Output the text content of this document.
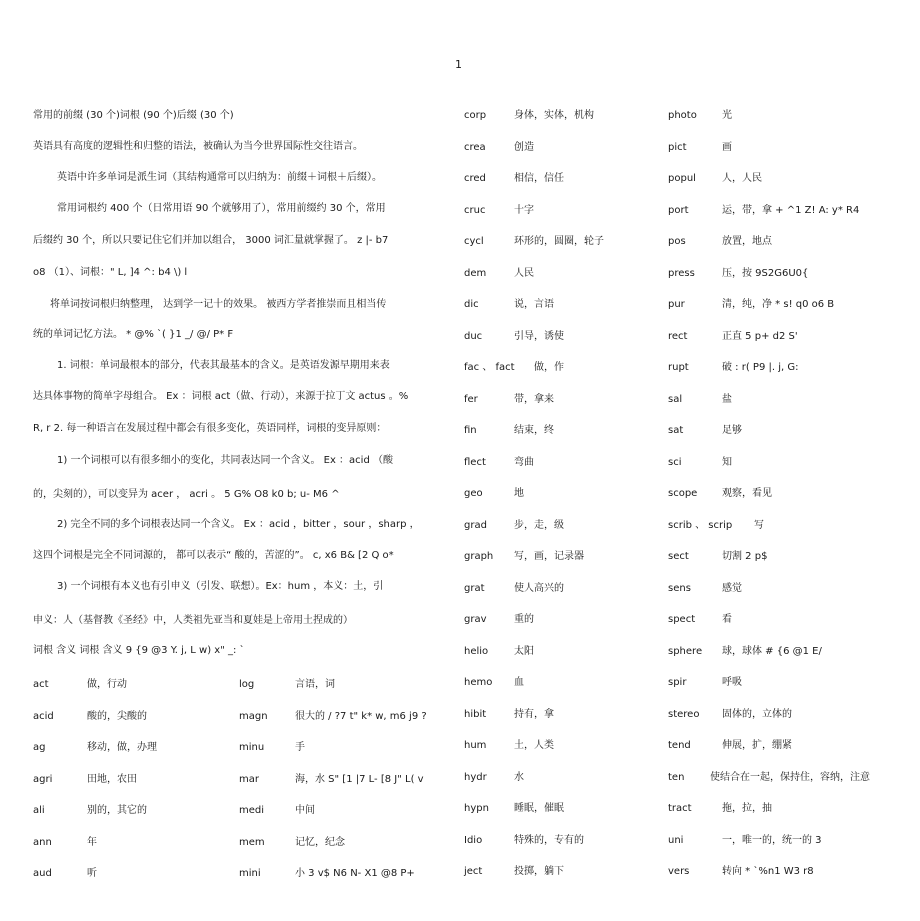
1
常用的前缀 (30 个)词根 (90 个)后缀 (30 个)
英语具有高度的逻辑性和归整的语法，被确认为当今世界国际性交往语言。
英语中许多单词是派生词（其结构通常可以归纳为：前缀＋词根＋后缀）。
常用词根约 400 个（日常用语 90 个就够用了），常用前缀约 30 个，常用
后缀约 30 个，所以只要记住它们并加以组合， 3000 词汇量就掌握了。 z |- b7
o8 （1）、词根：" L, ]4 ^: b4 \) l
将单词按词根归纳整理， 达到学一记十的效果。 被西方学者推崇而且相当传
统的单词记忆方法。 * @% `( }1 _/ @/ P* F
1. 词根：单词最根本的部分，代表其最基本的含义。是英语发源早期用来表
达具体事物的简单字母组合。 Ex ：词根 act（做、行动），来源于拉丁文 actus 。%
R, r 2. 每一种语言在发展过程中都会有很多变化，英语同样，词根的变异原则：
1) 一个词根可以有很多细小的变化，共同表达同一个含义。 Ex ：acid （酸
的，尖刻的），可以变异为 acer ， acri 。 5 G% O8 k0 b; u- M6 ^
2) 完全不同的多个词根表达同一个含义。 Ex ：acid ，bitter ，sour ，sharp ，
这四个词根是完全不同词源的， 都可以表示“ 酸的，苦涩的”。 c, x6 B& [2 Q o*
3) 一个词根有本义也有引申义（引发、联想）。Ex：hum ，本义：土，引
申义：人（基督教《圣经》中，人类祖先亚当和夏娃是上帝用土捏成的）
词根 含义 词根 含义 9 {9 @3 Y. j, L w) x" _: `
act	做，行动
acid	酸的，尖酸的
ag	移动，做，办理
agri	田地，农田
ali	别的，其它的
ann	年
aud	听
log	言语，词
magn	很大的 / ?7 t" k* w, m6 j9 ?
minu	手
mar	海，水 S" [1 |7 L- [8 J" L( v
medi	中间
mem	记忆，纪念
mini	小 3 v$ N6 N- X1 @8 P+
corp	身体，实体，机构
crea	创造
cred	相信，信任
cruc	十字
cycl	环形的，圆圈，轮子
dem	人民
dic	说，言语
duc	引导，诱使
fac 、 fact 做，作
fer	带，拿来
fin	结束，终
flect	弯曲
geo	地
grad	步，走，级
graph 写，画，记录器
grat	使人高兴的
grav	重的
helio	太阳
hemo 血
hibit	持有，拿
hum	土，人类
hydr	水
hypn	睡眠，催眠
Idio	特殊的，专有的
ject	投掷，躺下
photo	光
pict	画
popul	人，人民
port	运，带，拿 + ^1 Z! A: y* R4
pos	放置，地点
press	压，按 9S2G6U0{
pur	清，纯，净 * s! q0 o6 B
rect	正直 5 p+ d2 S'
rupt	破 : r( P9 |. j, G:
sal	盐
sat	足够
sci	知
scope 观察，看见
scrib 、 scrip 写
sect	切割 2 p$
sens	感觉
spect	看
sphere 球，球体 # {6 @1 E/
spir	呼吸
stereo 固体的，立体的
tend	伸展，扩，绷紧
ten	使结合在一起，保持住，容纳，注意
tract	拖，拉，抽
uni	一，唯一的，统一的 3
vers	转向 * `%n1 W3 r8
